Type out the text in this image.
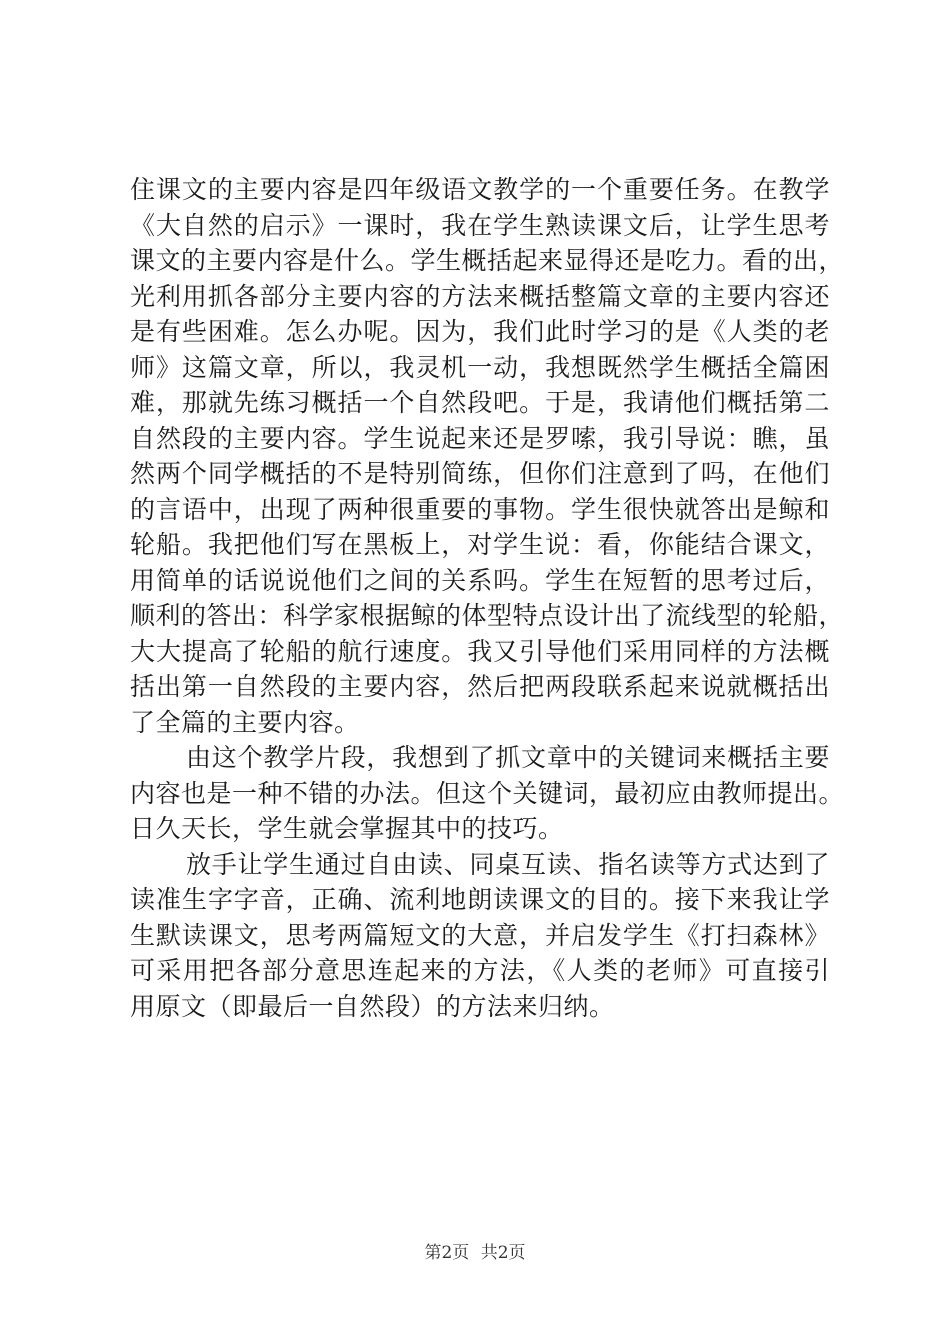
住课文的主要内容是四年级语文教学的一个重要任务。在教学
《大自然的启示》一课时，我在学生熟读课文后，让学生思考
课文的主要内容是什么。学生概括起来显得还是吃力。看的出，
光利用抓各部分主要内容的方法来概括整篇文章的主要内容还
是有些困难。怎么办呢。因为，我们此时学习的是《人类的老
师》这篇文章，所以，我灵机一动，我想既然学生概括全篇困
难，那就先练习概括一个自然段吧。于是，我请他们概括第二
自然段的主要内容。学生说起来还是罗嗦，我引导说：瞧，虽
然两个同学概括的不是特别简练，但你们注意到了吗，在他们
的言语中，出现了两种很重要的事物。学生很快就答出是鲸和
轮船。我把他们写在黑板上，对学生说：看，你能结合课文，
用简单的话说说他们之间的关系吗。学生在短暂的思考过后，
顺利的答出：科学家根据鲸的体型特点设计出了流线型的轮船，
大大提高了轮船的航行速度。我又引导他们采用同样的方法概
括出第一自然段的主要内容，然后把两段联系起来说就概括出
了全篇的主要内容。
由这个教学片段，我想到了抓文章中的关键词来概括主要
内容也是一种不错的办法。但这个关键词，最初应由教师提出。
日久天长，学生就会掌握其中的技巧。
放手让学生通过自由读、同桌互读、指名读等方式达到了
读准生字字音，正确、流利地朗读课文的目的。接下来我让学
生默读课文，思考两篇短文的大意，并启发学生《打扫森林》
可采用把各部分意思连起来的方法，《人类的老师》可直接引
用原文（即最后一自然段）的方法来归纳。
第2页 共2页
